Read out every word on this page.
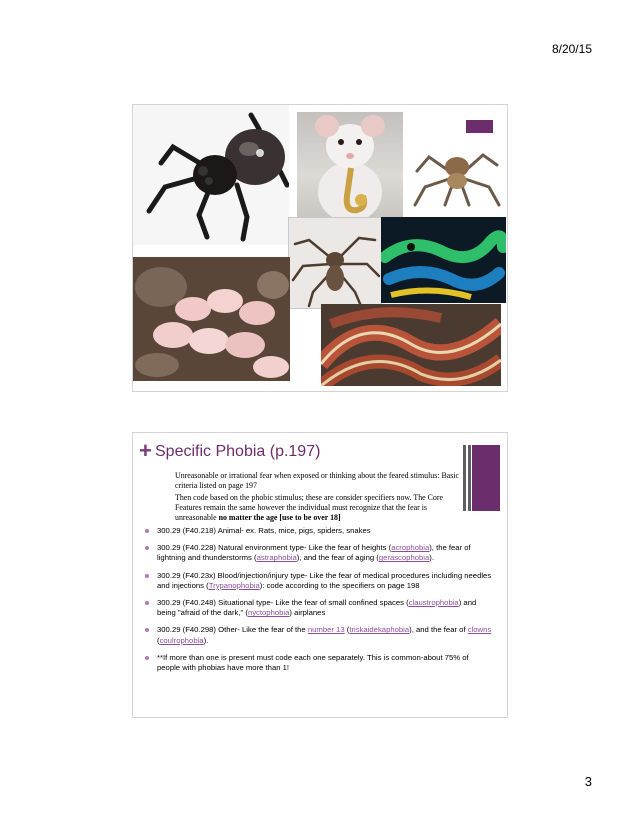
8/20/15
+ Specific Phobia (p.197)

Unreasonable or irrational fear when exposed or thinking about the feared stimulus: Basic criteria listed on page 197

Then code based on the phobic stimulus; these are consider specifiers now. The Core Features remain the same however the individual must recognize that the fear is unreasonable no matter the age [use to be over 18]

300.29 (F40.218) Animal- ex. Rats, mice, pigs, spiders, snakes
300.29 (F40.228) Natural environment type- Like the fear of heights (acrophobia), the fear of lightning and thunderstorms (astraphobia), and the fear of aging (gerascophobia).
300.29 (F40.23x) Blood/injection/injury type- Like the fear of medical procedures including needles and injections (Trypanophobia): code according to the specifiers on page 198
300.29 (F40.248) Situational type- Like the fear of small confined spaces (claustrophobia) and being "afraid of the dark," (nyctophobia) airplanes
300.29 (F40.298) Other- Like the fear of the number 13 (triskaidekaphobia), and the fear of clowns (coulrophobia).
**If more than one is present must code each one separately. This is common-about 75% of people with phobias have more than 1!
3
